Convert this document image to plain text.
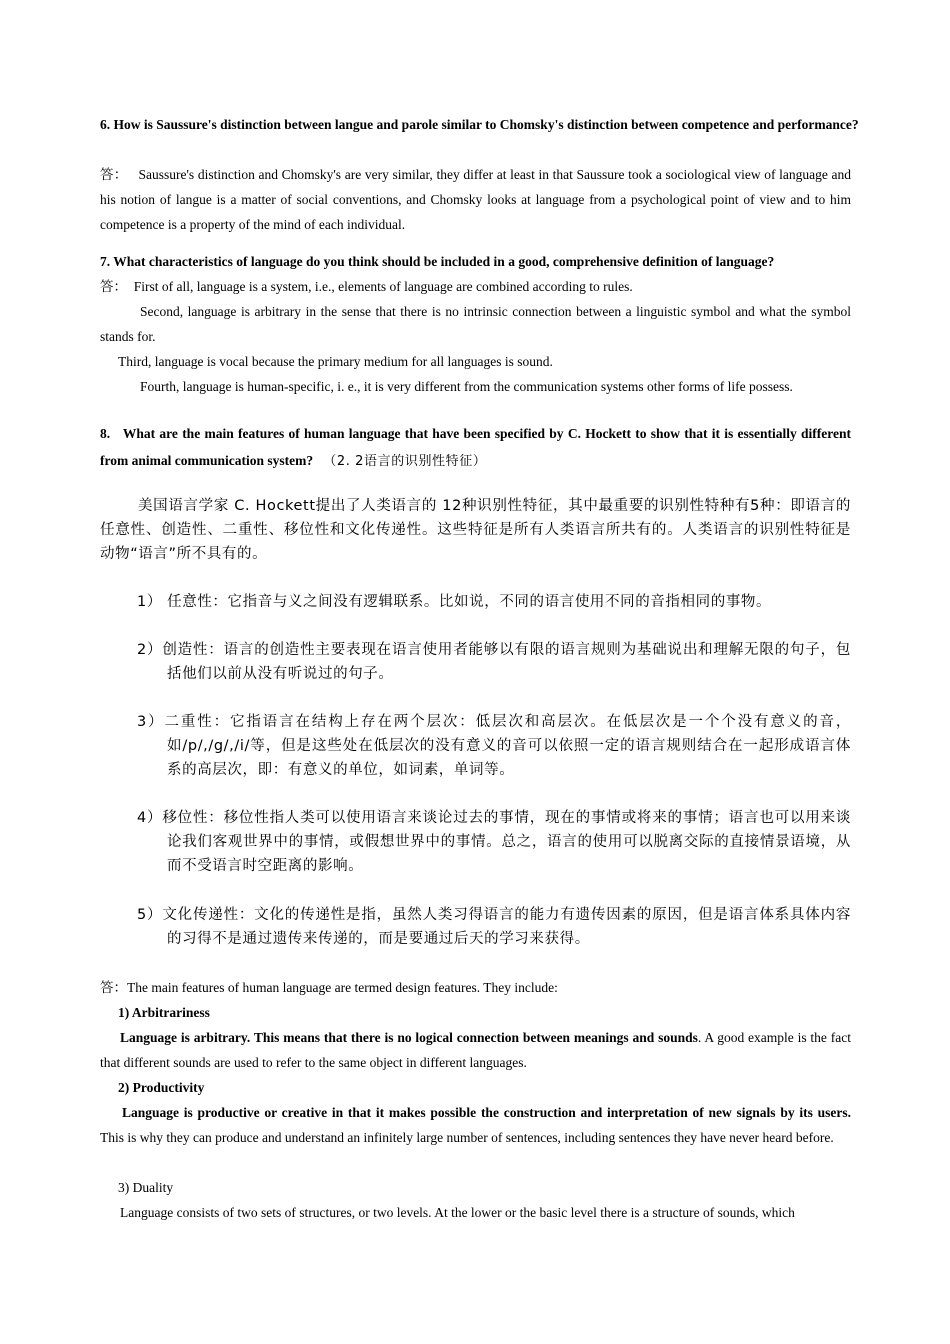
6. How is Saussure's distinction between langue and parole similar to Chomsky's distinction between competence and performance?
答： Saussure's distinction and Chomsky's are very similar, they differ at least in that Saussure took a sociological view of language and his notion of langue is a matter of social conventions, and Chomsky looks at language from a psychological point of view and to him competence is a property of the mind of each individual.
7. What characteristics of language do you think should be included in a good, comprehensive definition of language?
答： First of all, language is a system, i.e., elements of language are combined according to rules.
Second, language is arbitrary in the sense that there is no intrinsic connection between a linguistic symbol and what the symbol stands for.
Third, language is vocal because the primary medium for all languages is sound.
Fourth, language is human-specific, i. e., it is very different from the communication systems other forms of life possess.
8. What are the main features of human language that have been specified by C. Hockett to show that it is essentially different from animal communication system? （2. 2语言的识别性特征）
美国语言学家 C. Hockett提出了人类语言的 12种识别性特征，其中最重要的识别性特种有5种：即语言的任意性、创造性、二重性、移位性和文化传递性。这些特征是所有人类语言所共有的。人类语言的识别性特征是动物“语言”所不具有的。
1） 任意性：它指音与义之间没有逻辑联系。比如说，不同的语言使用不同的音指相同的事物。
2）创造性：语言的创造性主要表现在语言使用者能够以有限的语言规则为基础说出和理解无限的句子，包括他们以前从没有听说过的句子。
3）二重性：它指语言在结构上存在两个层次：低层次和高层次。在低层次是一个个没有意义的音，如/p/,/g/,/i/等，但是这些处在低层次的没有意义的音可以依照一定的语言规则结合在一起形成语言体系的高层次，即：有意义的单位，如词素，单词等。
4）移位性：移位性指人类可以使用语言来谈论过去的事情，现在的事情或将来的事情；语言也可以用来谈论我们客观世界中的事情，或假想世界中的事情。总之，语言的使用可以脱离交际的直接情景语境，从而不受语言时空距离的影响。
5）文化传递性：文化的传递性是指，虽然人类习得语言的能力有遗传因素的原因，但是语言体系具体内容的习得不是通过遗传来传递的，而是要通过后天的学习来获得。
答：The main features of human language are termed design features. They include:
1) Arbitrariness
Language is arbitrary. This means that there is no logical connection between meanings and sounds. A good example is the fact that different sounds are used to refer to the same object in different languages.
2) Productivity
Language is productive or creative in that it makes possible the construction and interpretation of new signals by its users. This is why they can produce and understand an infinitely large number of sentences, including sentences they have never heard before.
3) Duality
Language consists of two sets of structures, or two levels. At the lower or the basic level there is a structure of sounds, which
